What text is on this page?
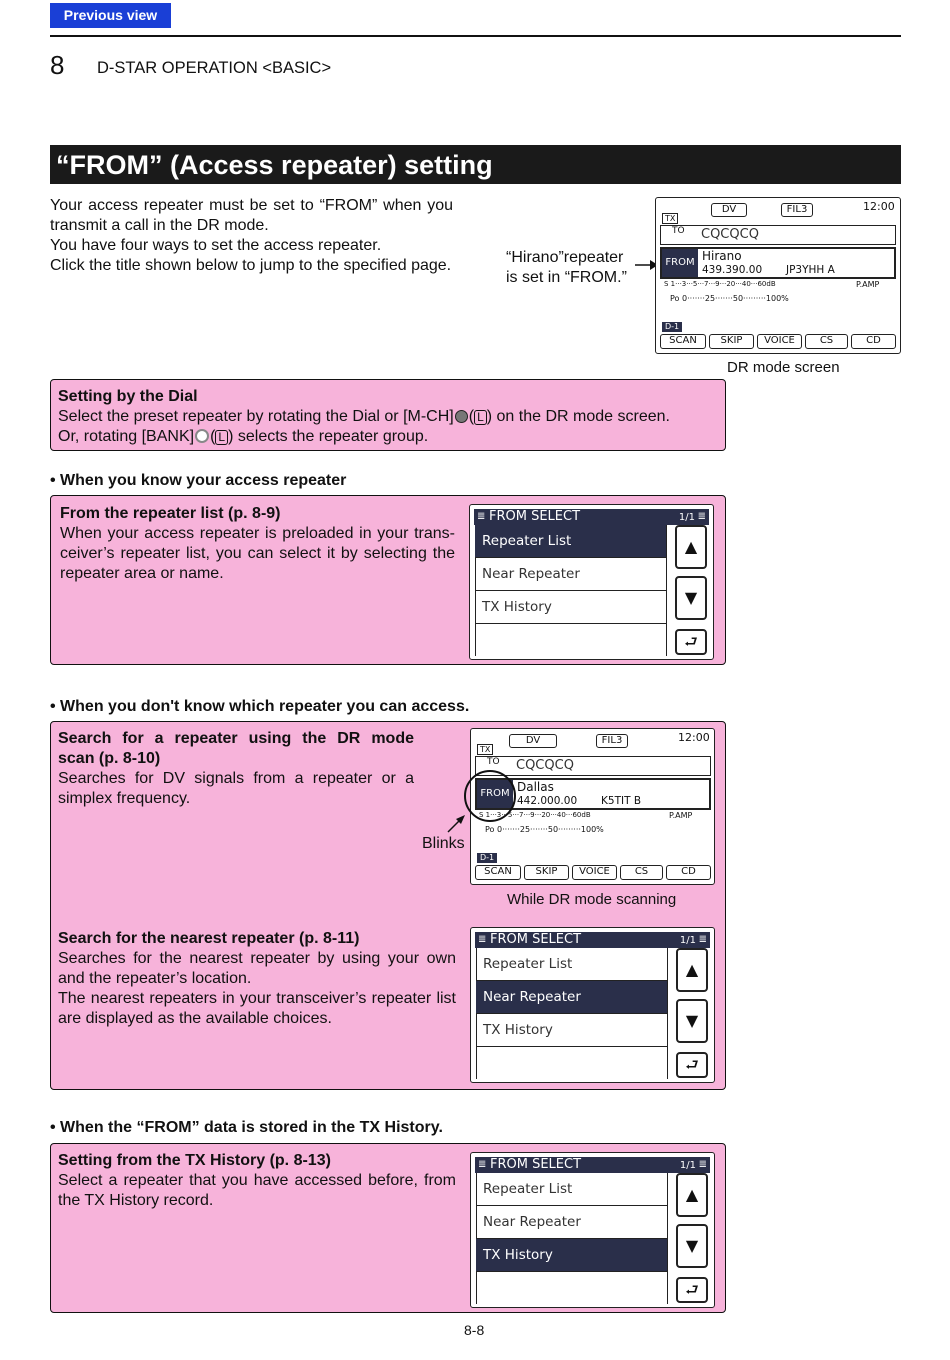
Previous view
8 D-STAR OPERATION <BASIC>
“FROM” (Access repeater) setting
Your access repeater must be set to “FROM” when you transmit a call in the DR mode.
You have four ways to set the access repeater.
Click the title shown below to jump to the specified page.	“Hirano”repeater
is set in “FROM.”
DV	FIL3	12:00
TX
TO CQCQCQ
FROM Hirano
439.390.00 JP3YHH A
S 1···3···5···7···9···20···40···60dB	P.AMP
Po 0·······25·······50·········100%
D-1
SCAN	SKIP	VOICE	CS	CD
DR mode screen
Setting by the Dial
Select the preset repeater by rotating the Dial or [M-CH] ( L ) on the DR mode screen.
Or, rotating [BANK] ( L ) selects the repeater group.
• When you know your access repeater
From the repeater list (p. 8-9)
When your access repeater is preloaded in your trans-ceiver’s repeater list, you can select it by selecting the repeater area or name.
≣ FROM SELECT	1/1 ≣
Repeater List
Near Repeater
TX History
▲
▼
⮐
• When you don't know which repeater you can access.
Search for a repeater using the DR mode
scan (p. 8-10)
Searches for DV signals from a repeater or a simplex frequency.
Blinks
Search for the nearest repeater (p. 8-11)
Searches for the nearest repeater by using your own and the repeater’s location.
The nearest repeaters in your transceiver’s repeater list are displayed as the available choices.
DV	FIL3	12:00
TX
TO CQCQCQ
FROM Dallas
442.000.00 K5TIT B
S 1···3···5···7···9···20···40···60dB	P.AMP
Po 0·······25·······50·········100%
D-1
SCAN	SKIP	VOICE	CS	CD
While DR mode scanning
≣ FROM SELECT	1/1 ≣
Repeater List
Near Repeater
TX History
▲
▼
⮐
• When the “FROM” data is stored in the TX History.
Setting from the TX History (p. 8-13)
Select a repeater that you have accessed before, from the TX History record.
≣ FROM SELECT	1/1 ≣
Repeater List
Near Repeater
TX History
▲
▼
⮐
8-8
